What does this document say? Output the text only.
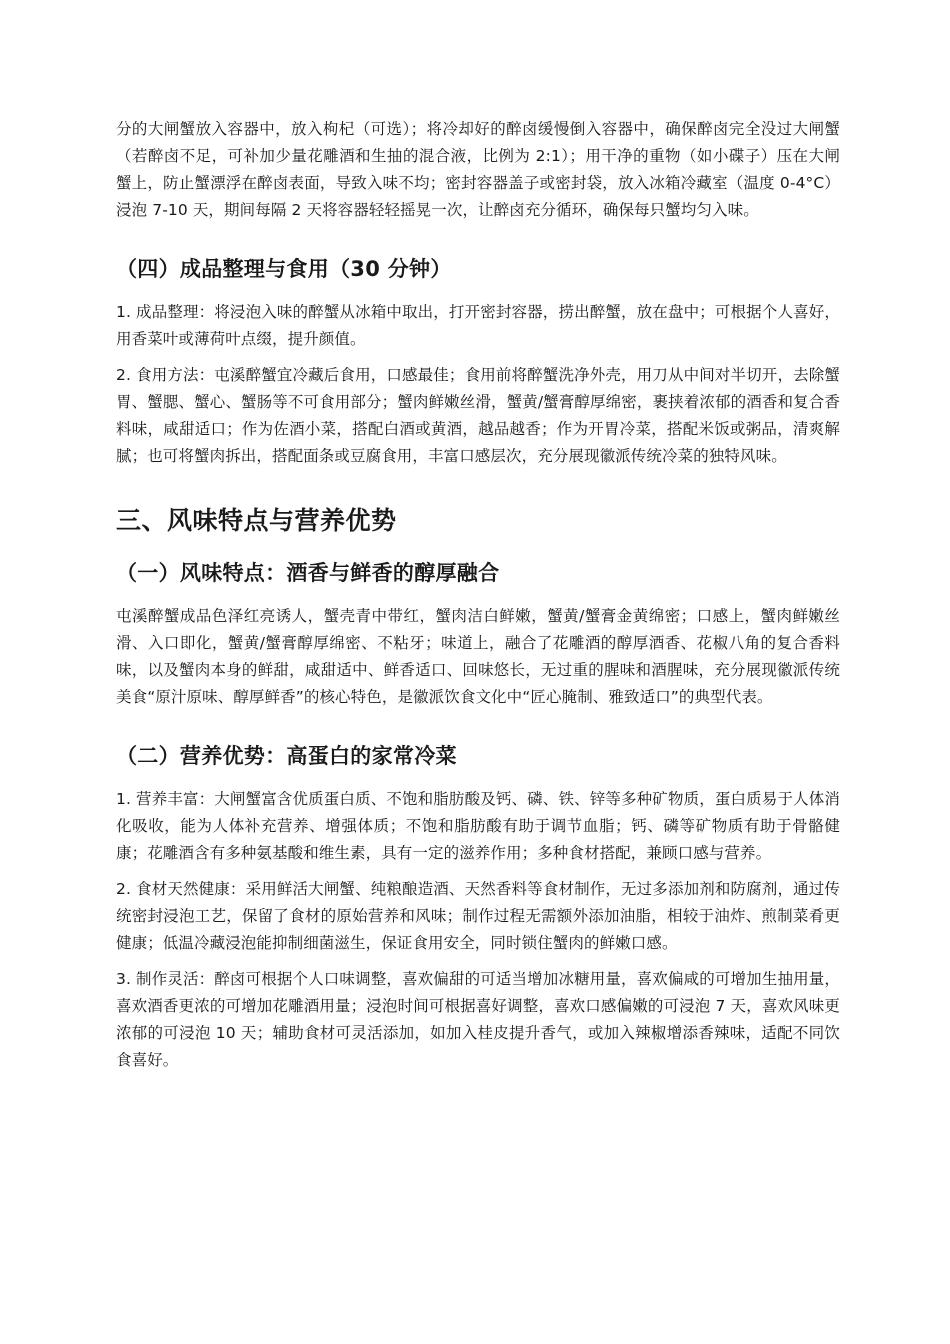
分的大闸蟹放入容器中，放入枸杞（可选）；将冷却好的醉卤缓慢倒入容器中，确保醉卤完全没过大闸蟹（若醉卤不足，可补加少量花雕酒和生抽的混合液，比例为 2:1）；用干净的重物（如小碟子）压在大闸蟹上，防止蟹漂浮在醉卤表面，导致入味不均；密封容器盖子或密封袋，放入冰箱冷藏室（温度 0-4°C）浸泡 7-10 天，期间每隔 2 天将容器轻轻摇晃一次，让醉卤充分循环，确保每只蟹均匀入味。

（四）成品整理与食用（30 分钟）

1. 成品整理：将浸泡入味的醉蟹从冰箱中取出，打开密封容器，捞出醉蟹，放在盘中；可根据个人喜好，用香菜叶或薄荷叶点缀，提升颜值。

2. 食用方法：屯溪醉蟹宜冷藏后食用，口感最佳；食用前将醉蟹洗净外壳，用刀从中间对半切开，去除蟹胃、蟹腮、蟹心、蟹肠等不可食用部分；蟹肉鲜嫩丝滑，蟹黄/蟹膏醇厚绵密，裹挟着浓郁的酒香和复合香料味，咸甜适口；作为佐酒小菜，搭配白酒或黄酒，越品越香；作为开胃冷菜，搭配米饭或粥品，清爽解腻；也可将蟹肉拆出，搭配面条或豆腐食用，丰富口感层次，充分展现徽派传统冷菜的独特风味。

三、风味特点与营养优势
（一）风味特点：酒香与鲜香的醇厚融合

屯溪醉蟹成品色泽红亮诱人，蟹壳青中带红，蟹肉洁白鲜嫩，蟹黄/蟹膏金黄绵密；口感上，蟹肉鲜嫩丝滑、入口即化，蟹黄/蟹膏醇厚绵密、不粘牙；味道上，融合了花雕酒的醇厚酒香、花椒八角的复合香料味，以及蟹肉本身的鲜甜，咸甜适中、鲜香适口、回味悠长，无过重的腥味和酒腥味，充分展现徽派传统美食“原汁原味、醇厚鲜香”的核心特色，是徽派饮食文化中“匠心腌制、雅致适口”的典型代表。

（二）营养优势：高蛋白的家常冷菜

1. 营养丰富：大闸蟹富含优质蛋白质、不饱和脂肪酸及钙、磷、铁、锌等多种矿物质，蛋白质易于人体消化吸收，能为人体补充营养、增强体质；不饱和脂肪酸有助于调节血脂；钙、磷等矿物质有助于骨骼健康；花雕酒含有多种氨基酸和维生素，具有一定的滋养作用；多种食材搭配，兼顾口感与营养。

2. 食材天然健康：采用鲜活大闸蟹、纯粮酿造酒、天然香料等食材制作，无过多添加剂和防腐剂，通过传统密封浸泡工艺，保留了食材的原始营养和风味；制作过程无需额外添加油脂，相较于油炸、煎制菜肴更健康；低温冷藏浸泡能抑制细菌滋生，保证食用安全，同时锁住蟹肉的鲜嫩口感。

3. 制作灵活：醉卤可根据个人口味调整，喜欢偏甜的可适当增加冰糖用量，喜欢偏咸的可增加生抽用量，喜欢酒香更浓的可增加花雕酒用量；浸泡时间可根据喜好调整，喜欢口感偏嫩的可浸泡 7 天，喜欢风味更浓郁的可浸泡 10 天；辅助食材可灵活添加，如加入桂皮提升香气，或加入辣椒增添香辣味，适配不同饮食喜好。
